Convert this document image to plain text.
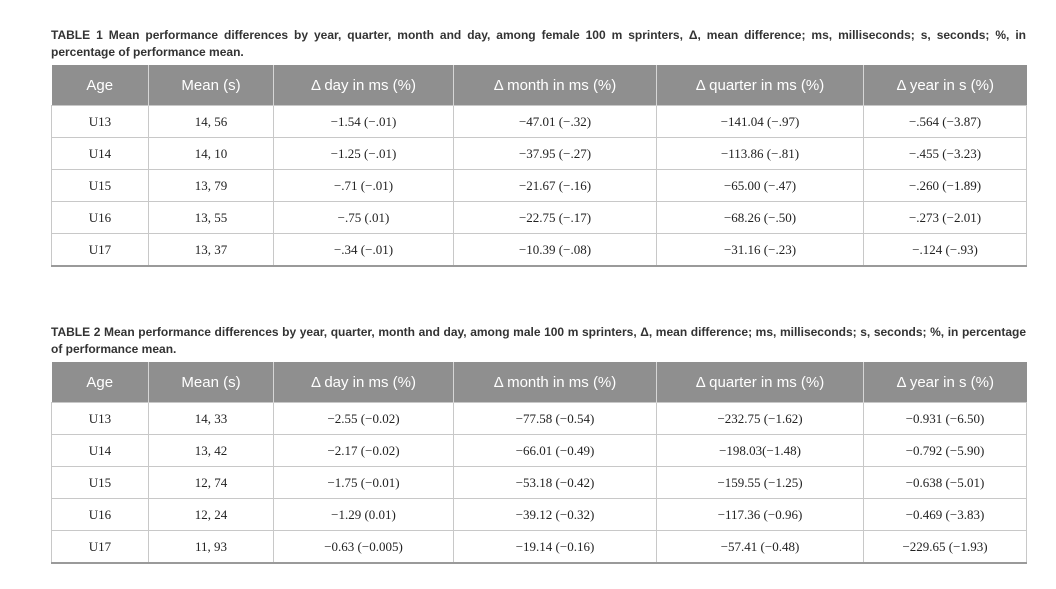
TABLE 1 Mean performance differences by year, quarter, month and day, among female 100 m sprinters, Δ, mean difference; ms, milliseconds; s, seconds; %, in percentage of performance mean.

Age	Mean (s)	Δ day in ms (%)	Δ month in ms (%)	Δ quarter in ms (%)	Δ year in s (%)
U13	14, 56	−1.54 (−.01)	−47.01 (−.32)	−141.04 (−.97)	−.564 (−3.87)
U14	14, 10	−1.25 (−.01)	−37.95 (−.27)	−113.86 (−.81)	−.455 (−3.23)
U15	13, 79	−.71 (−.01)	−21.67 (−.16)	−65.00 (−.47)	−.260 (−1.89)
U16	13, 55	−.75 (.01)	−22.75 (−.17)	−68.26 (−.50)	−.273 (−2.01)
U17	13, 37	−.34 (−.01)	−10.39 (−.08)	−31.16 (−.23)	−.124 (−.93)

TABLE 2 Mean performance differences by year, quarter, month and day, among male 100 m sprinters, Δ, mean difference; ms, milliseconds; s, seconds; %, in percentage of performance mean.

Age	Mean (s)	Δ day in ms (%)	Δ month in ms (%)	Δ quarter in ms (%)	Δ year in s (%)
U13	14, 33	−2.55 (−0.02)	−77.58 (−0.54)	−232.75 (−1.62)	−0.931 (−6.50)
U14	13, 42	−2.17 (−0.02)	−66.01 (−0.49)	−198.03(−1.48)	−0.792 (−5.90)
U15	12, 74	−1.75 (−0.01)	−53.18 (−0.42)	−159.55 (−1.25)	−0.638 (−5.01)
U16	12, 24	−1.29 (0.01)	−39.12 (−0.32)	−117.36 (−0.96)	−0.469 (−3.83)
U17	11, 93	−0.63 (−0.005)	−19.14 (−0.16)	−57.41 (−0.48)	−229.65 (−1.93)
